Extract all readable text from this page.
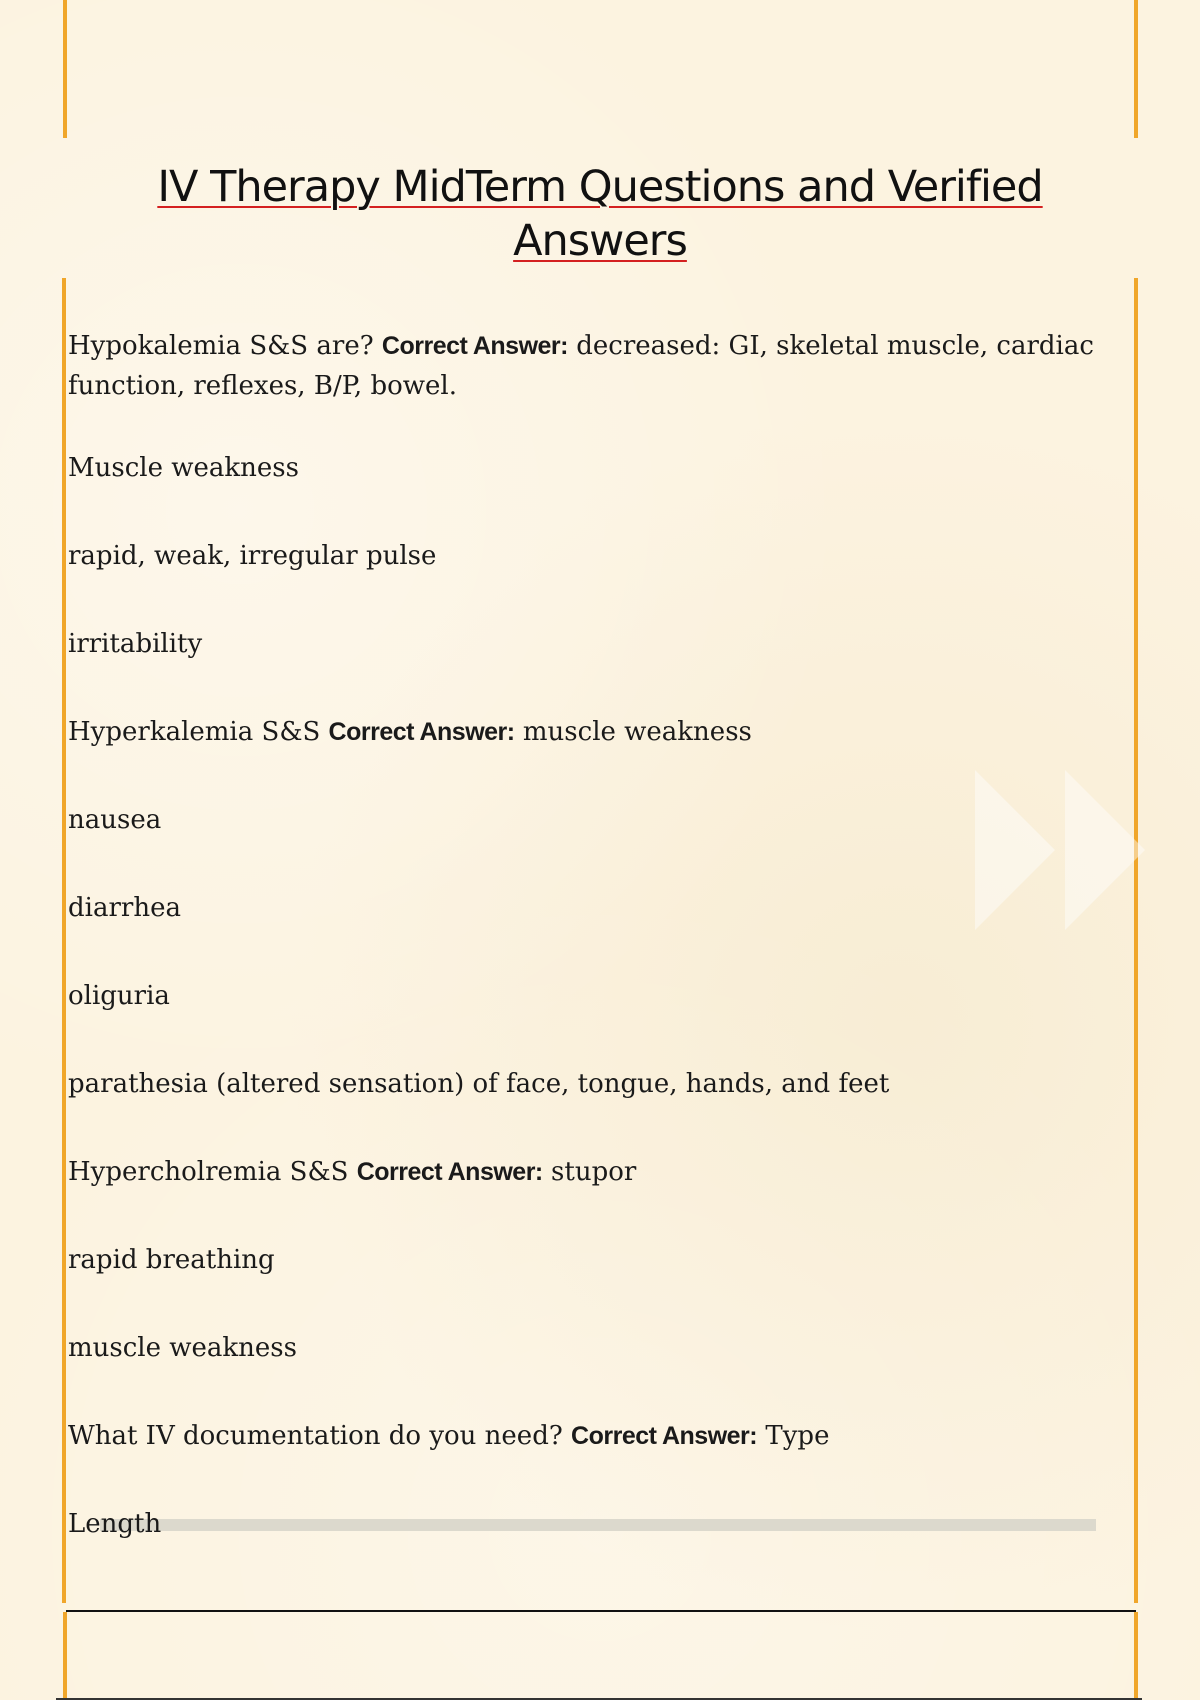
IV Therapy MidTerm Questions and Verified
Answers

Hypokalemia S&S are? Correct Answer: decreased: GI, skeletal muscle, cardiac function, reflexes, B/P, bowel.

Muscle weakness

rapid, weak, irregular pulse

irritability

Hyperkalemia S&S Correct Answer: muscle weakness

nausea

diarrhea

oliguria

parathesia (altered sensation) of face, tongue, hands, and feet

Hypercholremia S&S Correct Answer: stupor

rapid breathing

muscle weakness

What IV documentation do you need? Correct Answer: Type

Length
